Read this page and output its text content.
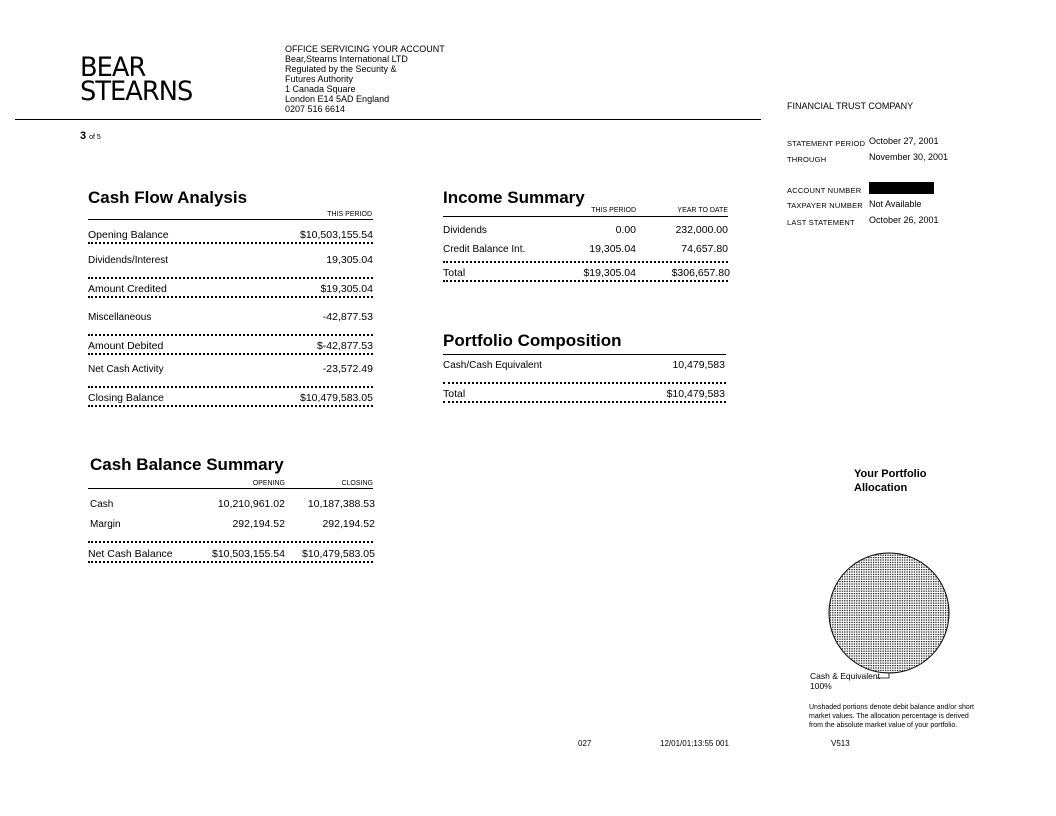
BEAR
STEARNS
OFFICE SERVICING YOUR ACCOUNT
Bear,Stearns International LTD
Regulated by the Security &
Futures Authority
1 Canada Square
London E14 5AD England
0207 516 6614
3 of 5
FINANCIAL TRUST COMPANY
STATEMENT PERIOD October 27, 2001
THROUGH	November 30, 2001
ACCOUNT NUMBER
TAXPAYER NUMBER Not Available
LAST STATEMENT October 26, 2001
Cash Flow Analysis
THIS PERIOD
Opening Balance	$10,503,155.54
Dividends/Interest	19,305.04
Amount Credited	$19,305.04
Miscellaneous	-42,877.53
Amount Debited	$-42,877.53
Net Cash Activity	-23,572.49
Closing Balance	$10,479,583.05
Income Summary
THIS PERIOD	YEAR TO DATE
Dividends	0.00	232,000.00
Credit Balance Int.	19,305.04	74,657.80
Total	$19,305.04	$306,657.80
Portfolio Composition
Cash/Cash Equivalent	10,479,583
Total	$10,479,583
Cash Balance Summary
OPENING	CLOSING
Cash	10,210,961.02	10,187,388.53
Margin	292,194.52	292,194.52
Net Cash Balance	$10,503,155.54	$10,479,583.05
Your Portfolio
Allocation
Cash & Equivalent
100%
Unshaded portions denote debit balance and/or short
market values. The allocation percentage is derived
from the absolute market value of your portfolio.
027	12/01/01;13:55 001	V513
